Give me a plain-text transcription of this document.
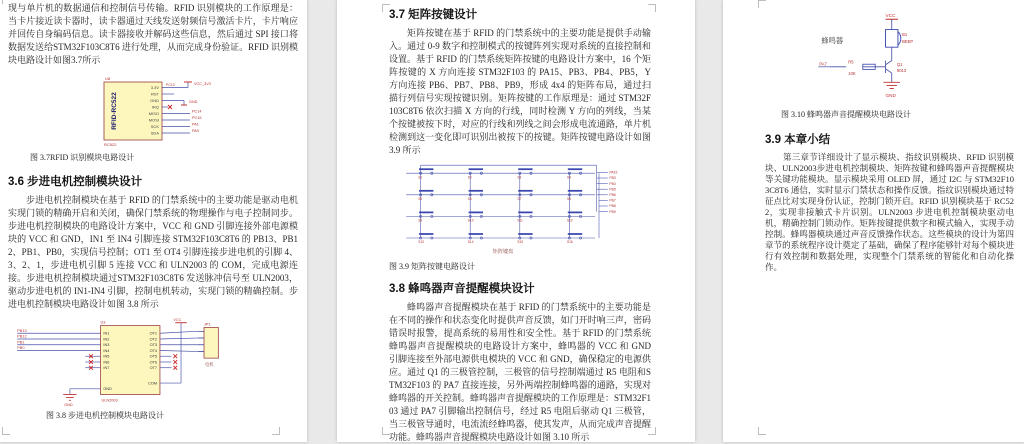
现与单片机的数据通信和控制信号传输。RFID 识别模块的工作原理是：当卡片接近读卡器时，读卡器通过天线发送射频信号激活卡片，卡片响应并回传自身编码信息。读卡器接收并解码这些信息，然后通过 SPI 接口将数据发送给STM32F103C8T6 进行处理，从而完成身份验证。RFID 识别模块电路设计如图3.7所示
U8
RFID-RC522
3.3V
RST
GND
IRQ
MISO
MOSI
SCK
SDA
PC13	VCC_3V3
GND
PC14
PC15
PA1
PA0
RC522
图 3.7RFID 识别模块电路设计
3.6 步进电机控制模块设计
步进电机控制模块在基于 RFID 的门禁系统中的主要功能是驱动电机实现门锁的精确开启和关闭，确保门禁系统的物理操作与电子控制同步。步进电机控制模块的电路设计方案中，VCC 和 GND 引脚连接外部电源模块的 VCC 和 GND，IN1 至 IN4 引脚连接 STM32F103C8T6 的 PB13、PB12、PB1、PB0，实现信号控制；OT1 至 OT4 引脚连接步进电机的引脚 4、3、2、1，步进电机引脚 5 连接 VCC 和 ULN2003 的 COM，完成电源连接。步进电机控制模块通过STM32F103C8T6 发送脉冲信号至 ULN2003，驱动步进电机的 IN1-IN4 引脚，控制电机转动，实现门锁的精确控制。步进电机控制模块电路设计如图 3.8 所示
PB13
PB12
PB1
PB0
U3
IN1
IN2
IN3
IN4
IN5
IN6
IN7
GND
OT1
OT2
OT3
OT4
OT5
OT6
OT7
COM
ULN2003
VCC
GND
JP1
电机
图 3.8 步进电机控制模块电路设计
3.7 矩阵按键设计
矩阵按键在基于 RFID 的门禁系统中的主要功能是提供手动输入。通过 0-9 数字和控制模式的按键阵列实现对系统的直接控制和设置。基于 RFID 的门禁系统矩阵按键的电路设计方案中，16 个矩阵按键的 X 方向连接 STM32F103 的 PA15、PB3、PB4、PB5，Y 方向连接 PB6、PB7、PB8、PB9，形成 4x4 的矩阵布局，通过扫描行列信号实现按键识别。矩阵按键的工作原理是：通过 STM32F103C8T6 依次扫描 X 方向的行线，同时检测 Y 方向的列线，当某个按键被按下时，对应的行线和列线之间会形成电流通路，单片机检测到这一变化即可识别出被按下的按键。矩阵按键电路设计如图 3.9 所示
S1	S2	S3	S4
S5	S6	S7	S8
S9	S10	S11	S12
S13	S14	S15	S16
PA15
PB3
PB4
PB5
PB6
PB7
PB8
PB9
矩阵键盘
图 3.9 矩阵按键电路设计
3.8 蜂鸣器声音提醒模块设计
蜂鸣器声音提醒模块在基于 RFID 的门禁系统中的主要功能是在不同的操作和状态变化时提供声音反馈，如门开时响三声，密码错误时报警，提高系统的易用性和安全性。基于 RFID 的门禁系统蜂鸣器声音提醒模块的电路设计方案中，蜂鸣器的 VCC 和 GND 引脚连接至外部电源供电模块的 VCC 和 GND，确保稳定的电源供应。通过 Q1 的三极管控制，三极管的信号控制端通过 R5 电阻和STM32F103 的 PA7 直接连接，另外两端控制蜂鸣器的通路，实现对蜂鸣器的开关控制。蜂鸣器声音提醒模块的工作原理是：STM32F103 通过 PA7 引脚输出控制信号，经过 R5 电阻后驱动 Q1 三极管，当三极管导通时，电流流经蜂鸣器，使其发声，从而完成声音提醒功能。蜂鸣器声音提醒模块电路设计如图 3.10 所示
VCC
B1
BEEP
蜂鸣器
R5
10K
PA7	Q1
9013
GND
图 3.10 蜂鸣器声音提醒模块电路设计
3.9 本章小结
第三章节详细设计了显示模块、指纹识别模块、RFID 识别模块、ULN2003步进电机控制模块、矩阵按键和蜂鸣器声音提醒模块等关键功能模块。显示模块采用 OLED 屏，通过 I2C 与 STM32F103C8T6 通信，实时显示门禁状态和操作反馈。指纹识别模块通过特征点比对实现身份认证，控制门锁开启。RFID 识别模块基于 RC522，实现非接触式卡片识别。ULN2003 步进电机控制模块驱动电机，精确控制门锁动作。矩阵按键提供数字和模式输入，实现手动控制。蜂鸣器模块通过声音反馈操作状态。这些模块的设计为第四章节的系统程序设计奠定了基础，确保了程序能够针对每个模块进行有效控制和数据处理，实现整个门禁系统的智能化和自动化操作。
